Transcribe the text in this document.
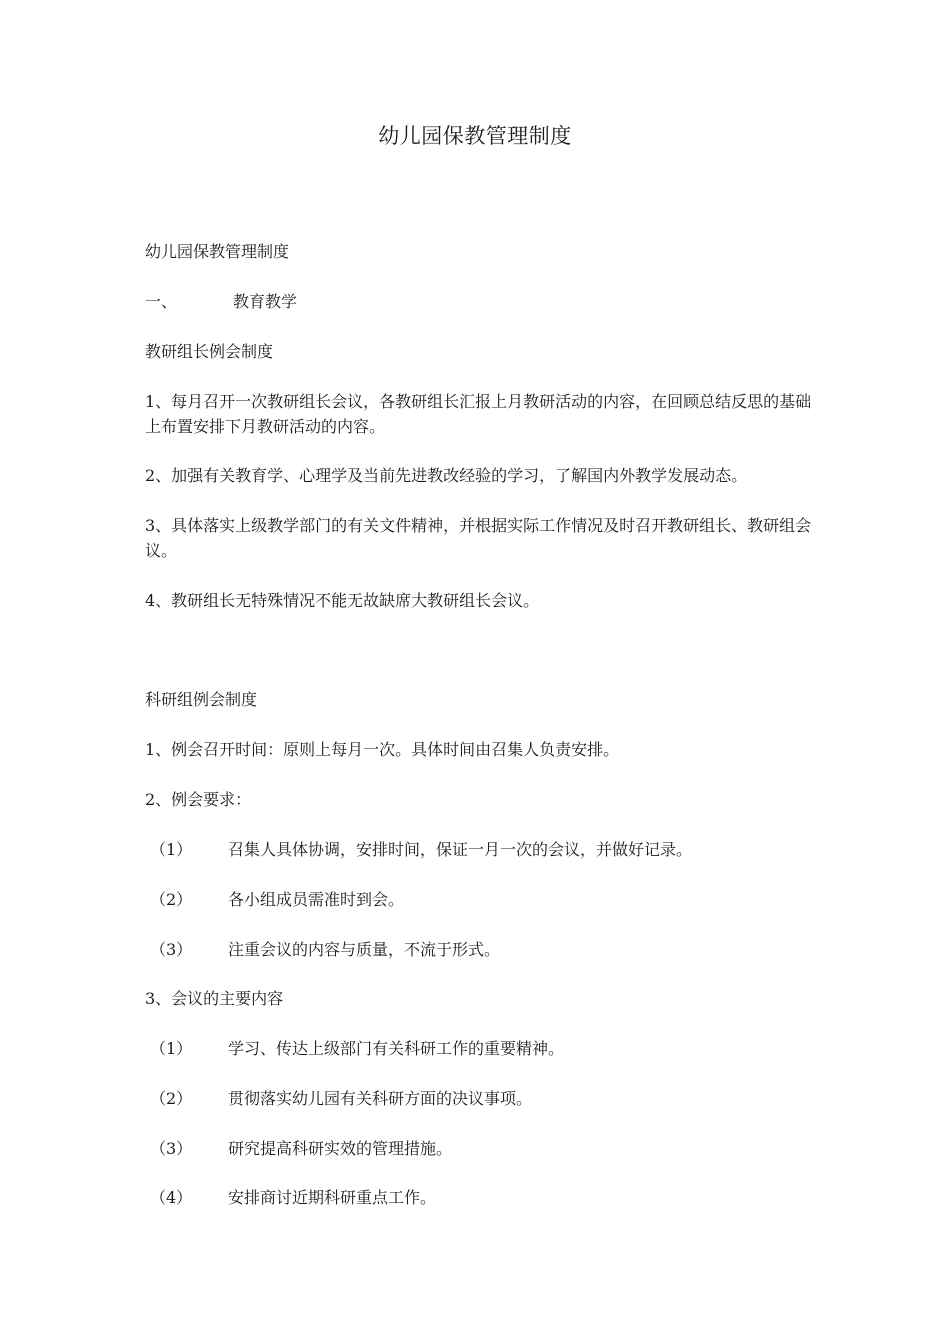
幼儿园保教管理制度
幼儿园保教管理制度
一、	教育教学
教研组长例会制度
1、每月召开一次教研组长会议，各教研组长汇报上月教研活动的内容，在回顾总结反思的基础上布置安排下月教研活动的内容。
2、加强有关教育学、心理学及当前先进教改经验的学习，了解国内外教学发展动态。
3、具体落实上级教学部门的有关文件精神，并根据实际工作情况及时召开教研组长、教研组会议。
4、教研组长无特殊情况不能无故缺席大教研组长会议。
科研组例会制度
1、例会召开时间：原则上每月一次。具体时间由召集人负责安排。
2、例会要求：
（1） 召集人具体协调，安排时间，保证一月一次的会议，并做好记录。
（2） 各小组成员需准时到会。
（3） 注重会议的内容与质量，不流于形式。
3、会议的主要内容
（1） 学习、传达上级部门有关科研工作的重要精神。
（2） 贯彻落实幼儿园有关科研方面的决议事项。
（3） 研究提高科研实效的管理措施。
（4） 安排商讨近期科研重点工作。
